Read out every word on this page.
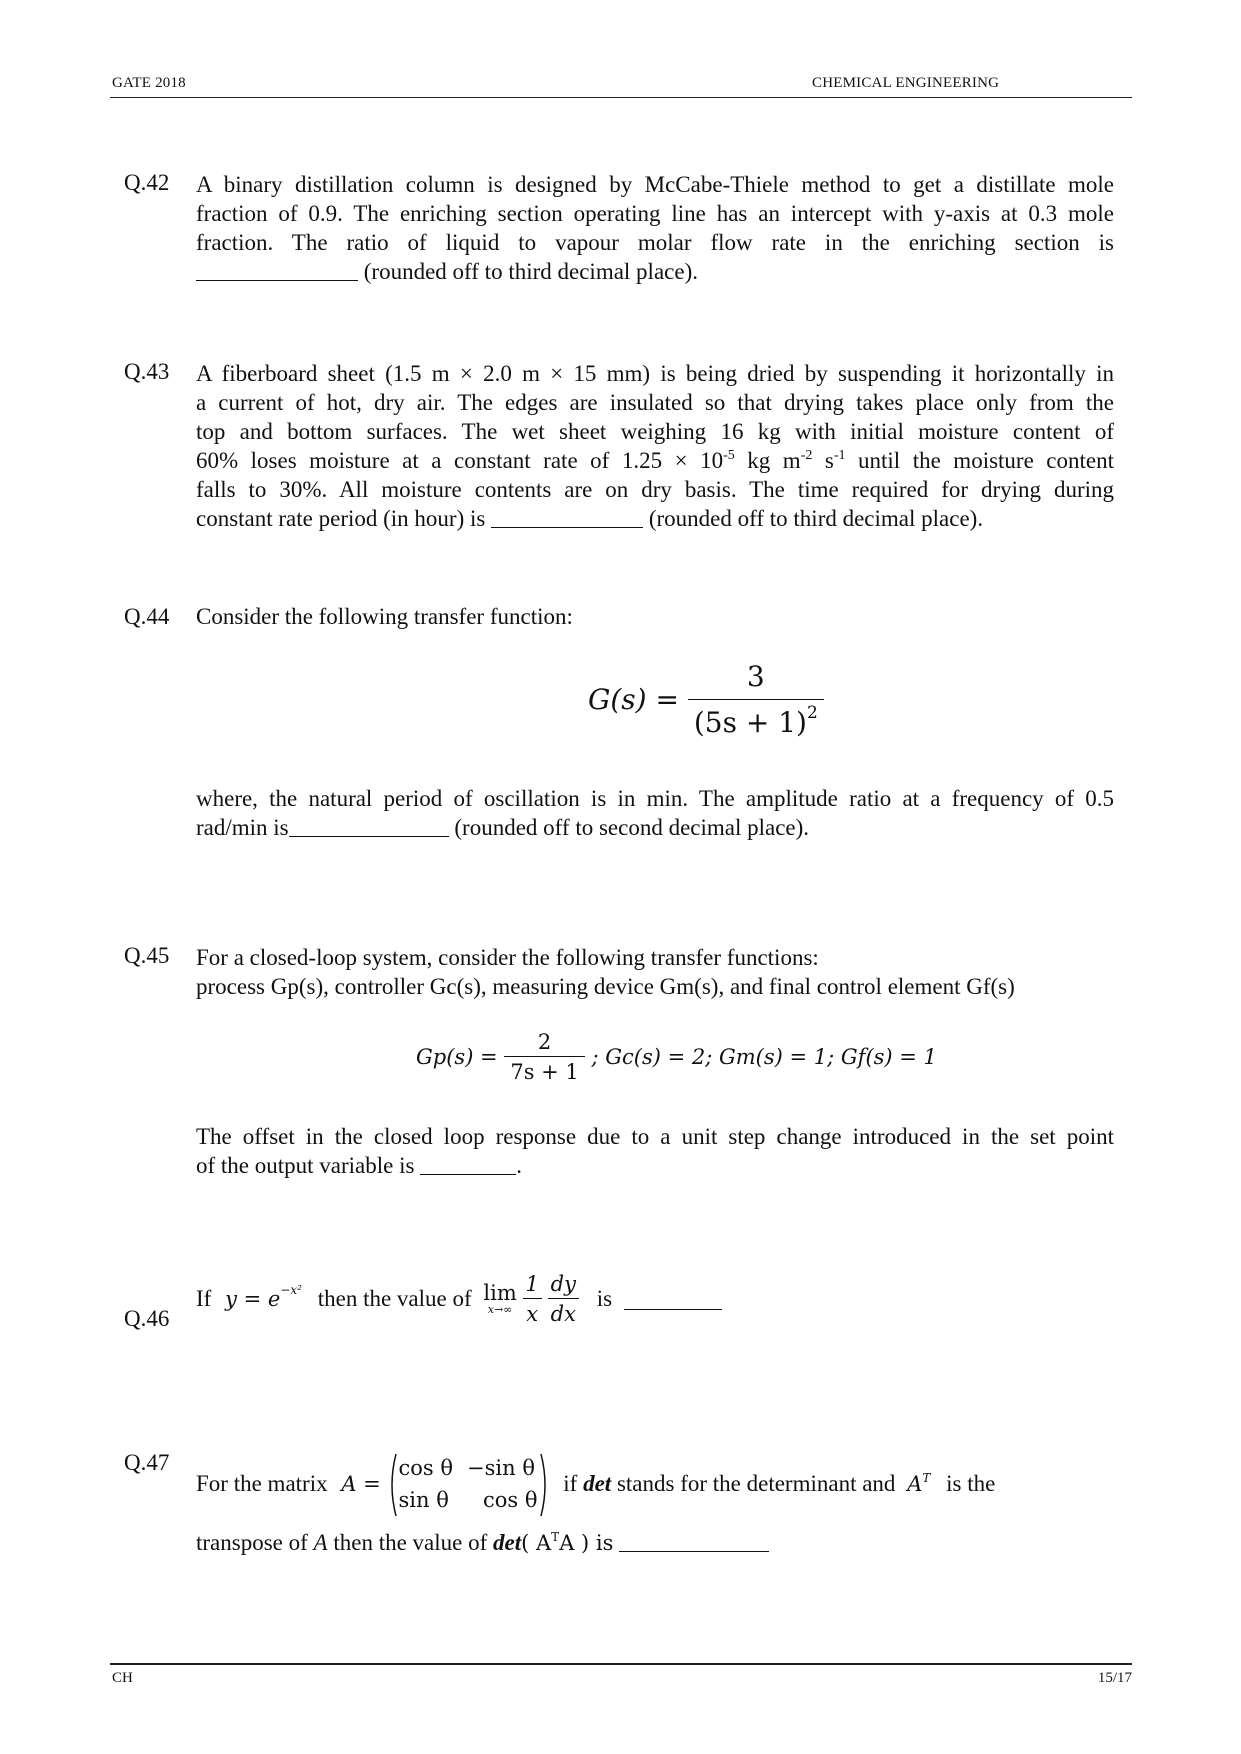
GATE 2018	CHEMICAL ENGINEERING
Q.42 A binary distillation column is designed by McCabe-Thiele method to get a distillate mole
fraction of 0.9. The enriching section operating line has an intercept with y-axis at 0.3 mole
fraction. The ratio of liquid to vapour molar flow rate in the enriching section is
(rounded off to third decimal place).
Q.43 A fiberboard sheet (1.5 m × 2.0 m × 15 mm) is being dried by suspending it horizontally in
a current of hot, dry air. The edges are insulated so that drying takes place only from the
top and bottom surfaces. The wet sheet weighing 16 kg with initial moisture content of
60% loses moisture at a constant rate of $1.25 \times 10^{-5}$ kg $m^{-2}$ $s^{-1}$ until the moisture content
falls to 30%. All moisture contents are on dry basis. The time required for drying during
constant rate period (in hour) is	(rounded off to third decimal place).
Q.44 Consider the following transfer function:
$G(s) = \frac{3}{(5s + 1)^2}$
where, the natural period of oscillation is in min. The amplitude ratio at a frequency of 0.5
rad/min is	(rounded off to second decimal place).
Q.45 For a closed-loop system, consider the following transfer functions:
process Gp(s), controller Gc(s), measuring device Gm(s), and final control element Gf(s)
$Gp(s) = \frac{2}{7s + 1}$ ; Gc(s) = 2; Gm(s) = 1; Gf(s) = 1
The offset in the closed loop response due to a unit step change introduced in the set point
of the output variable is	.
Q.46
If $y = e^{-x^2}$ then the value of lim
x→∞
$\frac{1}{x}$
$\frac{dy}{dx}$ is
Q.47
For the matrix A =
cos θ	−sin θ
sin θ	cos θ
if det stands for the determinant and $A^T$ is the
transpose of A then the value of det( $A^TA$ ) is
CH	15/17
